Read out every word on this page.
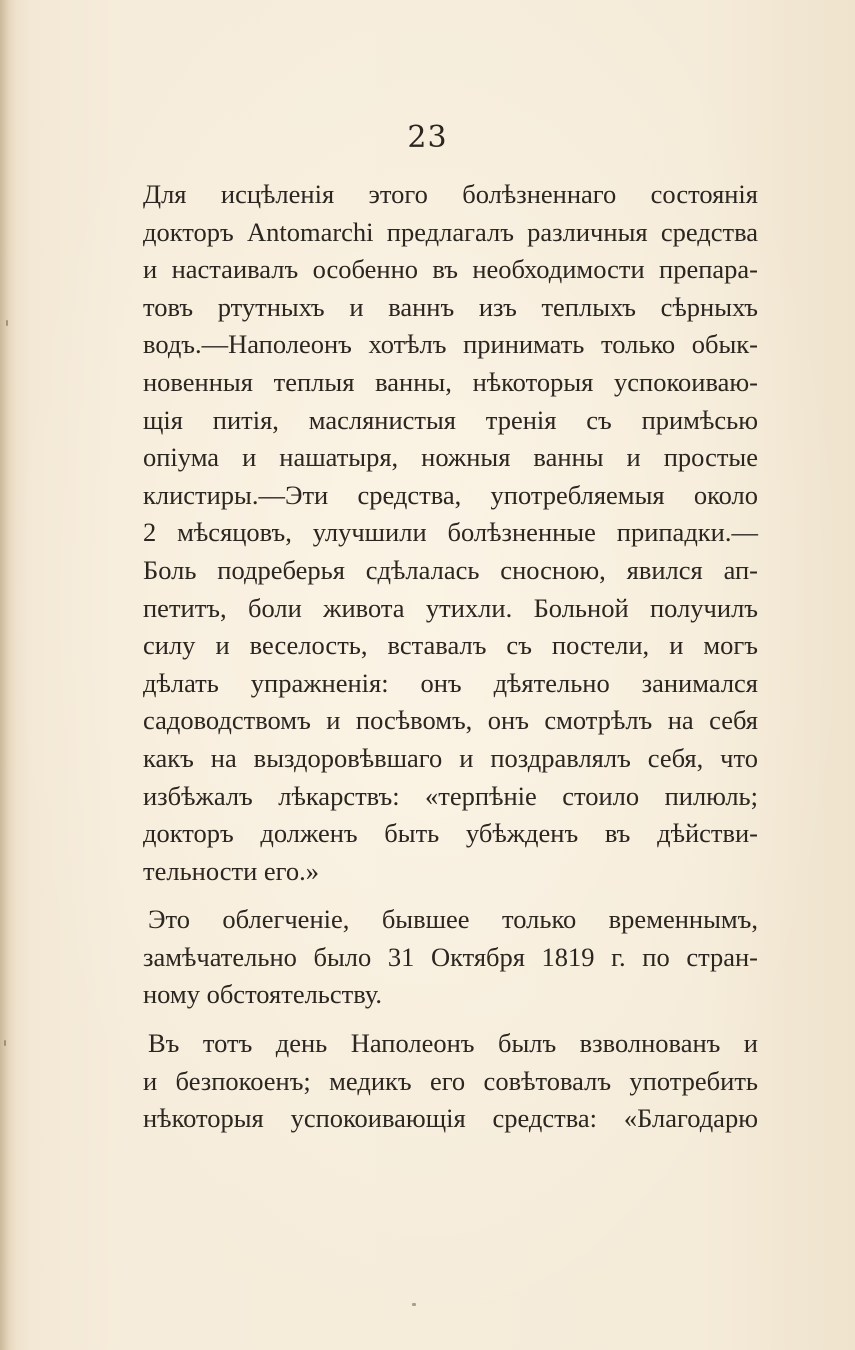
23
Для исцѣленія этого болѣзненнаго состоянія
докторъ Antomarchi предлагалъ различныя средства
и настаивалъ особенно въ необходимости препара-
товъ ртутныхъ и ваннъ изъ теплыхъ сѣрныхъ
водъ.—Наполеонъ хотѣлъ принимать только обык-
новенныя теплыя ванны, нѣкоторыя успокоиваю-
щія питія, маслянистыя тренія съ примѣсью
опіума и нашатыря, ножныя ванны и простые
клистиры.—Эти средства, употребляемыя около
2 мѣсяцовъ, улучшили болѣзненные припадки.—
Боль подреберья сдѣлалась сносною, явился ап-
петитъ, боли живота утихли. Больной получилъ
силу и веселость, вставалъ съ постели, и могъ
дѣлать упражненія: онъ дѣятельно занимался
садоводствомъ и посѣвомъ, онъ смотрѣлъ на себя
какъ на выздоровѣвшаго и поздравлялъ себя, что
избѣжалъ лѣкарствъ: «терпѣніе стоило пилюль;
докторъ долженъ быть убѣжденъ въ дѣйстви-
тельности его.»
Это облегченіе, бывшее только временнымъ,
замѣчательно было 31 Октября 1819 г. по стран-
ному обстоятельству.
Въ тотъ день Наполеонъ былъ взволнованъ и
и безпокоенъ; медикъ его совѣтовалъ употребить
нѣкоторыя успокоивающія средства: «Благодарю
